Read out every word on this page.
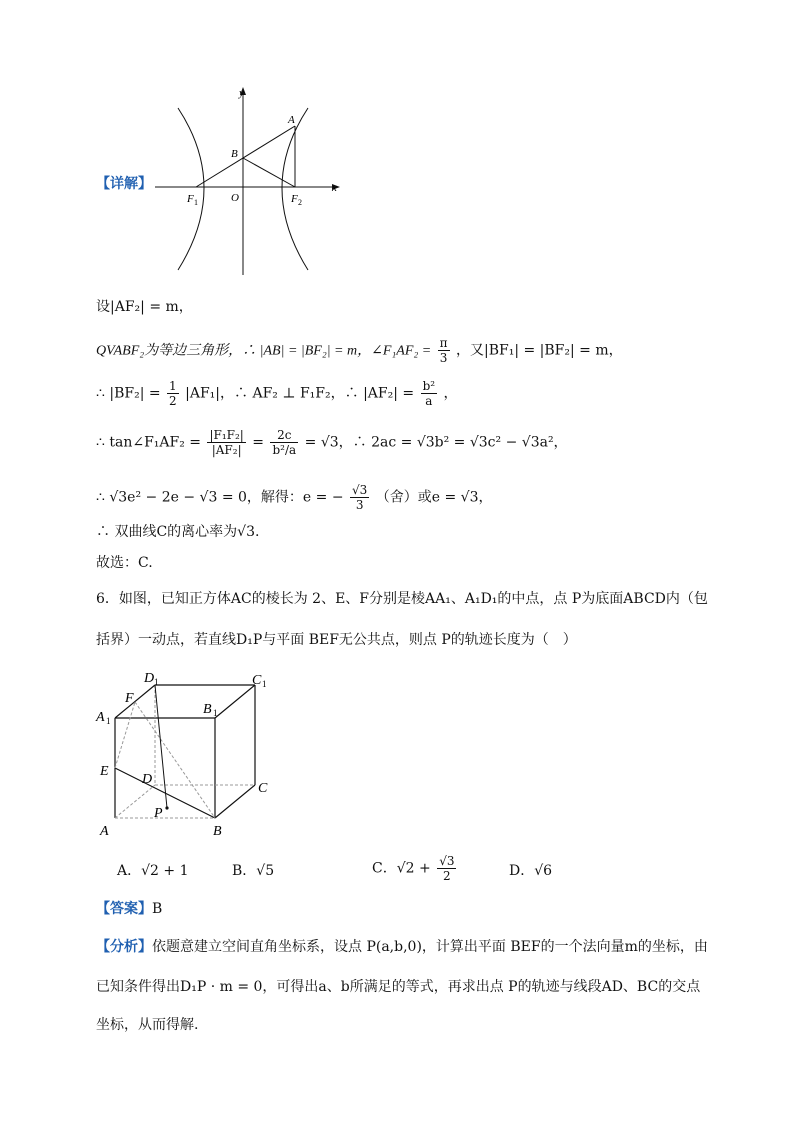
【详解】
y
x
A
B
O
F 1	F 2
设|AF₂| = m，
QVABF₂为等边三角形，∴ |AB| = |BF₂| = m，∠F₁AF₂ = $\frac{\pi}{3}$ ，又|BF₁| = |BF₂| = m，
∴ $|BF_2| = \frac{1}{2} |AF_1|$，∴ AF₂ ⊥ F₁F₂，∴ $|AF_2| = \frac{\text{b²}}{a}$ ，
∴ tan∠F₁AF₂ = $\frac{\text{|F₁F₂|}}{\text{|AF₂|}} = \frac{2c}{\text{b²/a}} = √3$，∴ 2ac = √3b² = √3c² − √3a²，
∴ √3e² − 2e − √3 = 0，解得：e = − $\frac{√3}{3}$ （舍）或e = √3，
∴ 双曲线C的离心率为√3.
故选：C.
6．如图，已知正方体AC的棱长为 2、E、F分别是棱AA₁、A₁D₁的中点，点 P为底面ABCD内（包
括界）一动点，若直线D₁P与平面 BEF无公共点，则点 P的轨迹长度为（　）
D 1	C 1
F
A 1
B 1
E
D
C
P
A	B
A．√2 + 1	B．√5	C．$√2 + \frac{√3}{2}$	D．√6
【答案】B
【分析】依题意建立空间直角坐标系，设点 P(a,b,0)，计算出平面 BEF的一个法向量m的坐标，由
已知条件得出D₁P · m = 0，可得出a、b所满足的等式，再求出点 P的轨迹与线段AD、BC的交点
坐标，从而得解.
